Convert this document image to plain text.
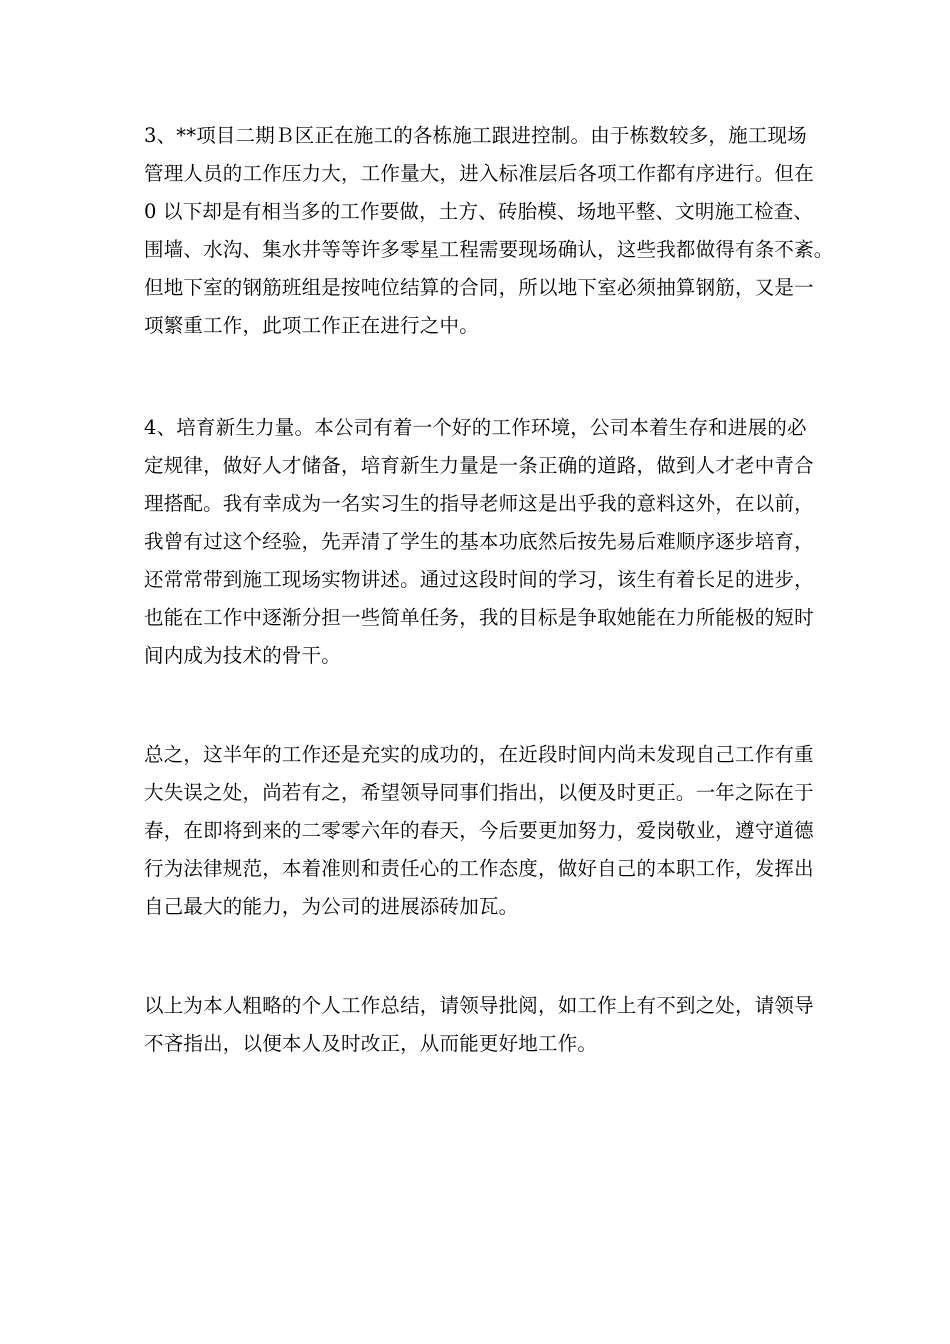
3、**项目二期Ｂ区正在施工的各栋施工跟进控制。由于栋数较多，施工现场
管理人员的工作压力大，工作量大，进入标准层后各项工作都有序进行。但在
0 以下却是有相当多的工作要做，土方、砖胎模、场地平整、文明施工检查、
围墙、水沟、集水井等等许多零星工程需要现场确认，这些我都做得有条不紊。
但地下室的钢筋班组是按吨位结算的合同，所以地下室必须抽算钢筋，又是一
项繁重工作，此项工作正在进行之中。
4、培育新生力量。本公司有着一个好的工作环境，公司本着生存和进展的必
定规律，做好人才储备，培育新生力量是一条正确的道路，做到人才老中青合
理搭配。我有幸成为一名实习生的指导老师这是出乎我的意料这外，在以前，
我曾有过这个经验，先弄清了学生的基本功底然后按先易后难顺序逐步培育，
还常常带到施工现场实物讲述。通过这段时间的学习，该生有着长足的进步，
也能在工作中逐渐分担一些简单任务，我的目标是争取她能在力所能极的短时
间内成为技术的骨干。
总之，这半年的工作还是充实的成功的，在近段时间内尚未发现自己工作有重
大失误之处，尚若有之，希望领导同事们指出，以便及时更正。一年之际在于
春，在即将到来的二零零六年的春天，今后要更加努力，爱岗敬业，遵守道德
行为法律规范，本着准则和责任心的工作态度，做好自己的本职工作，发挥出
自己最大的能力，为公司的进展添砖加瓦。
以上为本人粗略的个人工作总结，请领导批阅，如工作上有不到之处，请领导
不吝指出，以便本人及时改正，从而能更好地工作。
